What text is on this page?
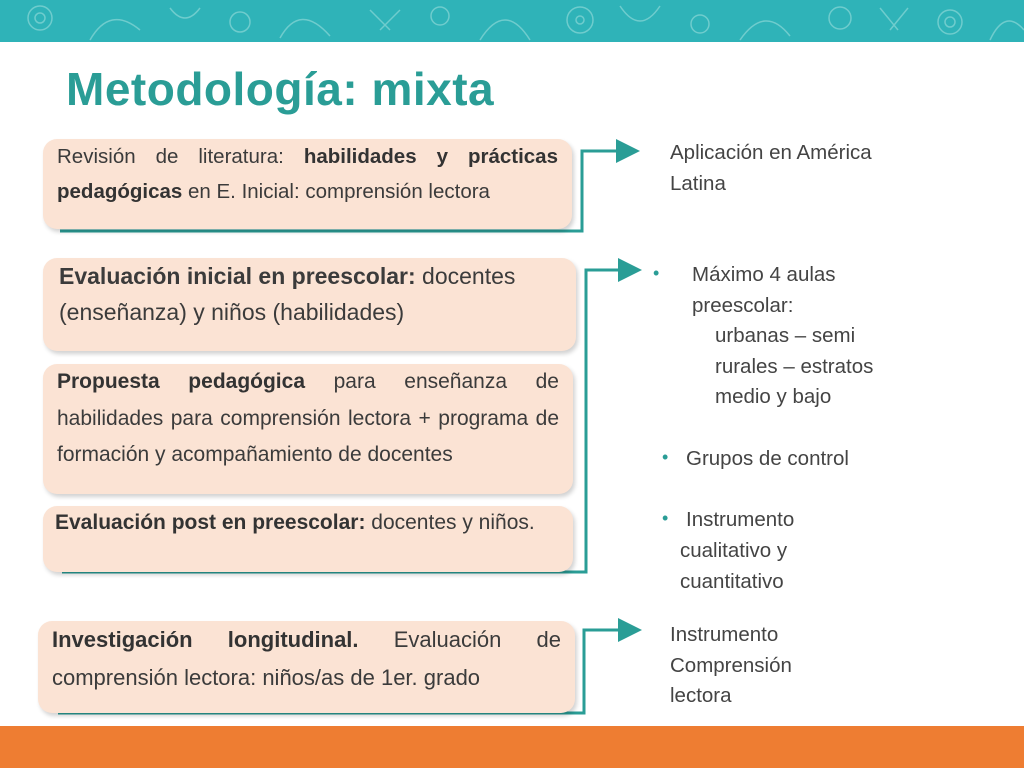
Metodología: mixta
Revisión de literatura: habilidades y prácticas pedagógicas en E. Inicial: comprensión lectora
Evaluación inicial en preescolar: docentes (enseñanza) y niños (habilidades)
Propuesta pedagógica para enseñanza de habilidades para comprensión lectora + programa de formación y acompañamiento de docentes
Evaluación post en preescolar: docentes y niños.
Investigación longitudinal. Evaluación de comprensión lectora: niños/as de 1er. grado
Aplicación en América
Latina
• Máximo 4 aulas
preescolar:
urbanas – semi
rurales – estratos
medio y bajo
• Grupos de control
• Instrumento
cualitativo y
cuantitativo
Instrumento
Comprensión
lectora
